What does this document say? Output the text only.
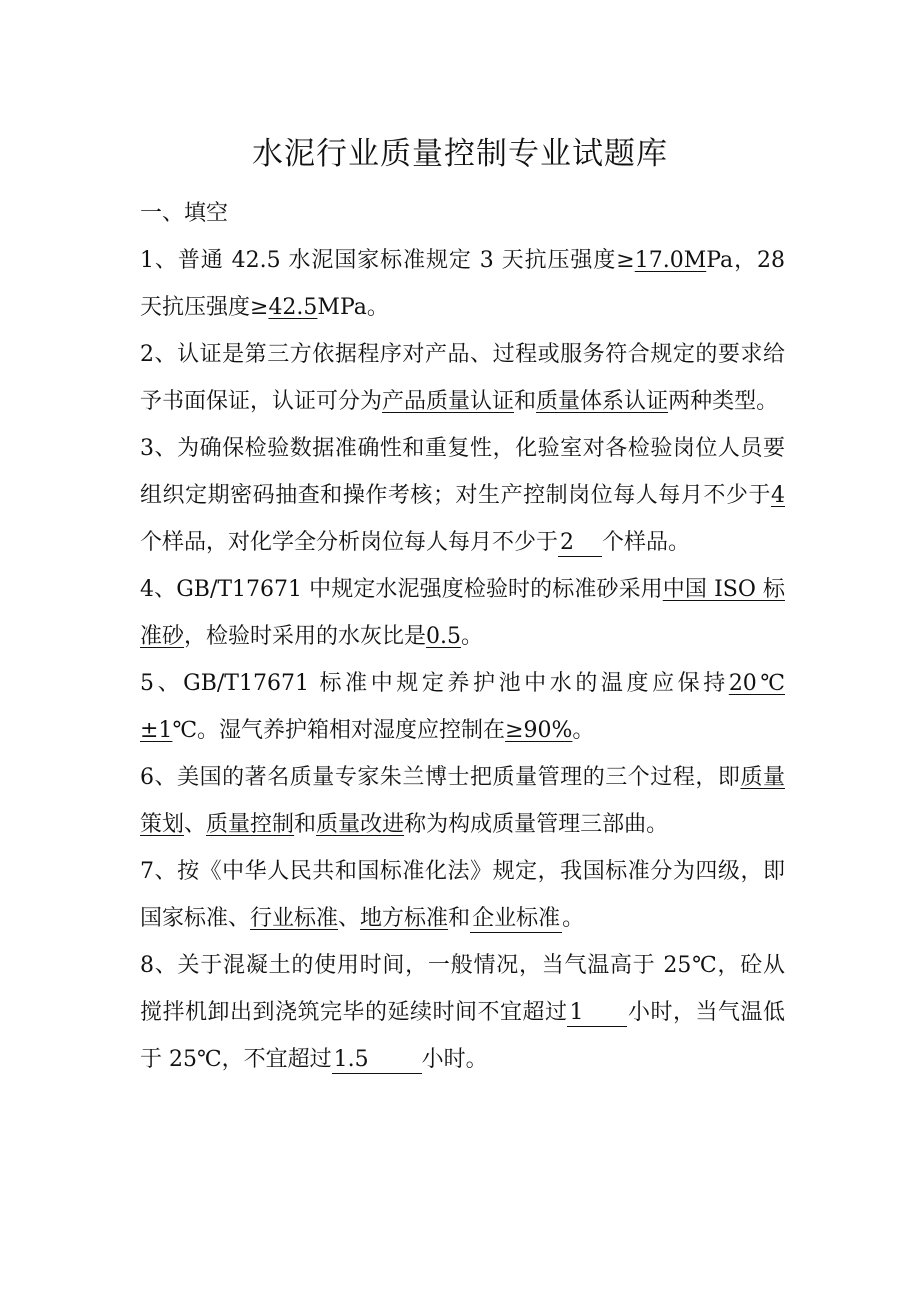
水泥行业质量控制专业试题库

一、填空

1、普通 42.5 水泥国家标准规定 3 天抗压强度≥17.0MPa，28 天抗压强度≥42.5MPa。

2、认证是第三方依据程序对产品、过程或服务符合规定的要求给予书面保证，认证可分为产品质量认证和质量体系认证两种类型。

3、为确保检验数据准确性和重复性，化验室对各检验岗位人员要组织定期密码抽查和操作考核；对生产控制岗位每人每月不少于4个样品，对化学全分析岗位每人每月不少于2 个样品。

4、GB/T17671 中规定水泥强度检验时的标准砂采用中国 ISO 标准砂，检验时采用的水灰比是0.5。

5、GB/T17671 标准中规定养护池中水的温度应保持20℃±1℃。湿气养护箱相对湿度应控制在≥90%。

6、美国的著名质量专家朱兰博士把质量管理的三个过程，即质量策划、质量控制和质量改进称为构成质量管理三部曲。

7、按《中华人民共和国标准化法》规定，我国标准分为四级，即国家标准、行业标准、地方标准和企业标准。

8、关于混凝土的使用时间，一般情况，当气温高于 25℃，砼从搅拌机卸出到浇筑完毕的延续时间不宜超过1 小时，当气温低于 25℃，不宜超过1.5 小时。
